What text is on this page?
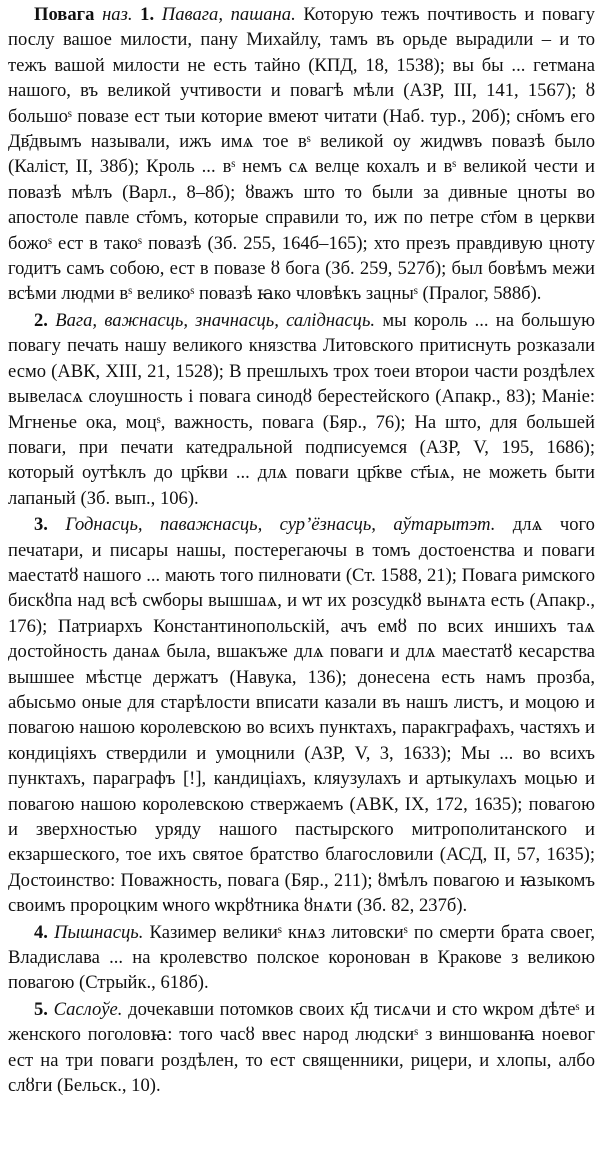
Повага наз. 1. Павага, пашана. Которую тежъ почтивость и повагу послу вашое милости, пану Михайлу, тамъ въ орьде вырадили – и то тежъ вашой милости не есть тайно (КПД, 18, 1538); вы бы ... гетмана нашого, въ великой учтивости и повагѣ мѣли (АЗР, III, 141, 1567); ȣ большоˢ повазе ест тыи которие вмеют читати (Наб. тур., 20б); сн҃омъ его Дв҃двымъ называли, ижъ имѧ тое вˢ великой оу жидѡвъ повазѣ было (Калiст, II, 38б); Кроль ... вˢ немъ сѧ велце кохалъ и вˢ великой чести и повазѣ мѣлъ (Варл., 8–8б); ȣважъ што то были за дивные цноты во апостоле павле ст҃омъ, которые справили то, иж по петре ст҃ом в церкви божоˢ ест в такоˢ повазѣ (Зб. 255, 164б–165); хто презъ правдивую цноту годитъ самъ собою, ест в повазе ȣ бога (Зб. 259, 527б); был бовѣмъ межи всѣми людми вˢ великоˢ повазѣ ꙗко чловѣкъ зацныˢ (Пралог, 588б).

2. Вага, важнасць, значнасць, салiднасць. мы король ... на большую повагу печать нашу великого князства Литовского притиснуть розказали есмо (АВК, XIII, 21, 1528); В прешлыхъ трох тоеи второи части роздѣлех вывеласѧ слоушность і повага синодȣ берестейского (Апакр., 83); Манiе: Мгненье ока, моцˢ, важность, повага (Бяр., 76); На што, для большей поваги, при печати катедральной подписуемся (АЗР, V, 195, 1686); который оутѣклъ до цр҃кви ... длѧ поваги цр҃кве ст҃ыѧ, не можеть быти лапаный (Зб. вып., 106).

3. Годнасць, паважнасць, сур’ёзнасць, аўтарытэт. длѧ чого печатари, и писары нашы, постерегаючы в томъ достоенства и поваги маестатȣ нашого ... мають того пилновати (Ст. 1588, 21); Повага римского бискȣпа над всѣ сѡборы вышшаѧ, и ѡт их розсудкȣ вынѧта есть (Апакр., 176); Патриархъ Константинопольскiй, ачъ емȣ по всих иншихъ таѧ достойность данаѧ была, вшакъже длѧ поваги и длѧ маестатȣ кесарства вышшее мѣстце держатъ (Навука, 136); донесена есть намъ прозба, абысьмо оные для старѣлости вписати казали въ нашъ листъ, и моцою и повагою нашою королевскою во всихъ пунктахъ, паракграфахъ, частяхъ и кондиціяхъ ствердили и умоцнили (АЗР, V, 3, 1633); Мы ... во всихъ пунктахъ, параграфъ [!], кандиціахъ, кляузулахъ и артыкулахъ моцью и повагою нашою королевскою ствержаемъ (АВК, IX, 172, 1635); повагою и зверхностью уряду нашого пастырского митрополитанского и екзаршеского, тое ихъ святое братство благословили (АСД, II, 57, 1635); Достоинство: Поважность, повага (Бяр., 211); ȣмѣлъ повагою и ꙗзыкомъ своимъ пророцким ѡного ѡкрȣтника ȣнѧти (Зб. 82, 237б).

4. Пышнасць. Казимер великиˢ кнѧз литовскиˢ по смерти брата своег, Владислава ... на кролевство полское коронован в Кракове з великою повагою (Стрыйк., 618б).

5. Саслоўе. дочекавши потомков своих к҃д тисѧчи и сто ѡкром дѣтеˢ и женского поголовꙗ: того часȣ ввес народ людскиˢ з виншованꙗ ноевог ест на три поваги роздѣлен, то ест священники, рицери, и хлопы, албо слȣги (Бельск., 10).
